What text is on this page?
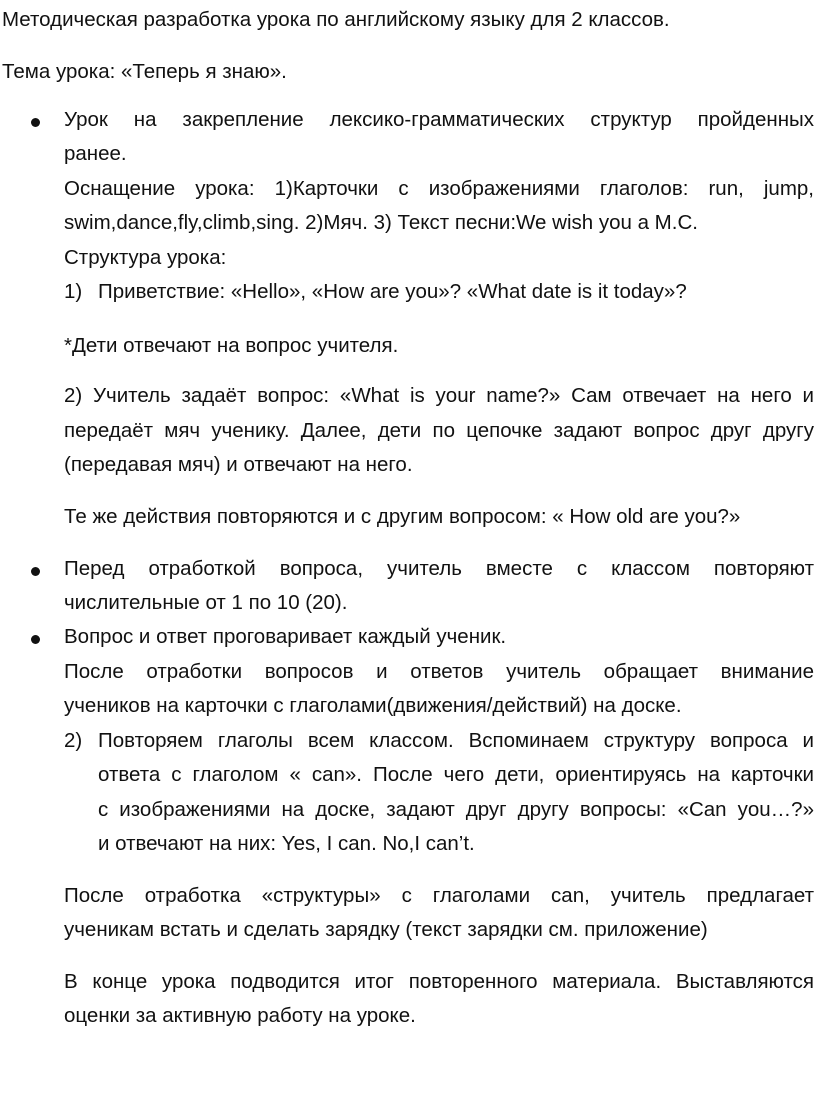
Методическая разработка урока по английскому языку для 2 классов.
Тема урока: «Теперь я знаю».
Урок на закрепление лексико-грамматических структур пройденных
ранее.
Оснащение урока: 1)Карточки с изображениями глаголов: run, jump,
swim,dance,fly,climb,sing. 2)Мяч. 3) Текст песни:We wish you a M.C.
Структура урока:
1) Приветствие: «Hello», «How are you»? «What date is it today»?
*Дети отвечают на вопрос учителя.
2) Учитель задаёт вопрос: «What is your name?» Сам отвечает на него и
передаёт мяч ученику. Далее, дети по цепочке задают вопрос друг другу
(передавая мяч) и отвечают на него.
Те же действия повторяются и с другим вопросом: « How old are you?»
Перед отработкой вопроса, учитель вместе с классом повторяют
числительные от 1 по 10 (20).
Вопрос и ответ проговаривает каждый ученик.
После отработки вопросов и ответов учитель обращает внимание
учеников на карточки с глаголами(движения/действий) на доске.
2) Повторяем глаголы всем классом. Вспоминаем структуру вопроса и
ответа с глаголом « can». После чего дети, ориентируясь на карточки
с изображениями на доске, задают друг другу вопросы: «Can you…?»
и отвечают на них: Yes, I can. No,I can’t.
После отработка «структуры» с глаголами can, учитель предлагает
ученикам встать и сделать зарядку (текст зарядки см. приложение)
В конце урока подводится итог повторенного материала. Выставляются
оценки за активную работу на уроке.
